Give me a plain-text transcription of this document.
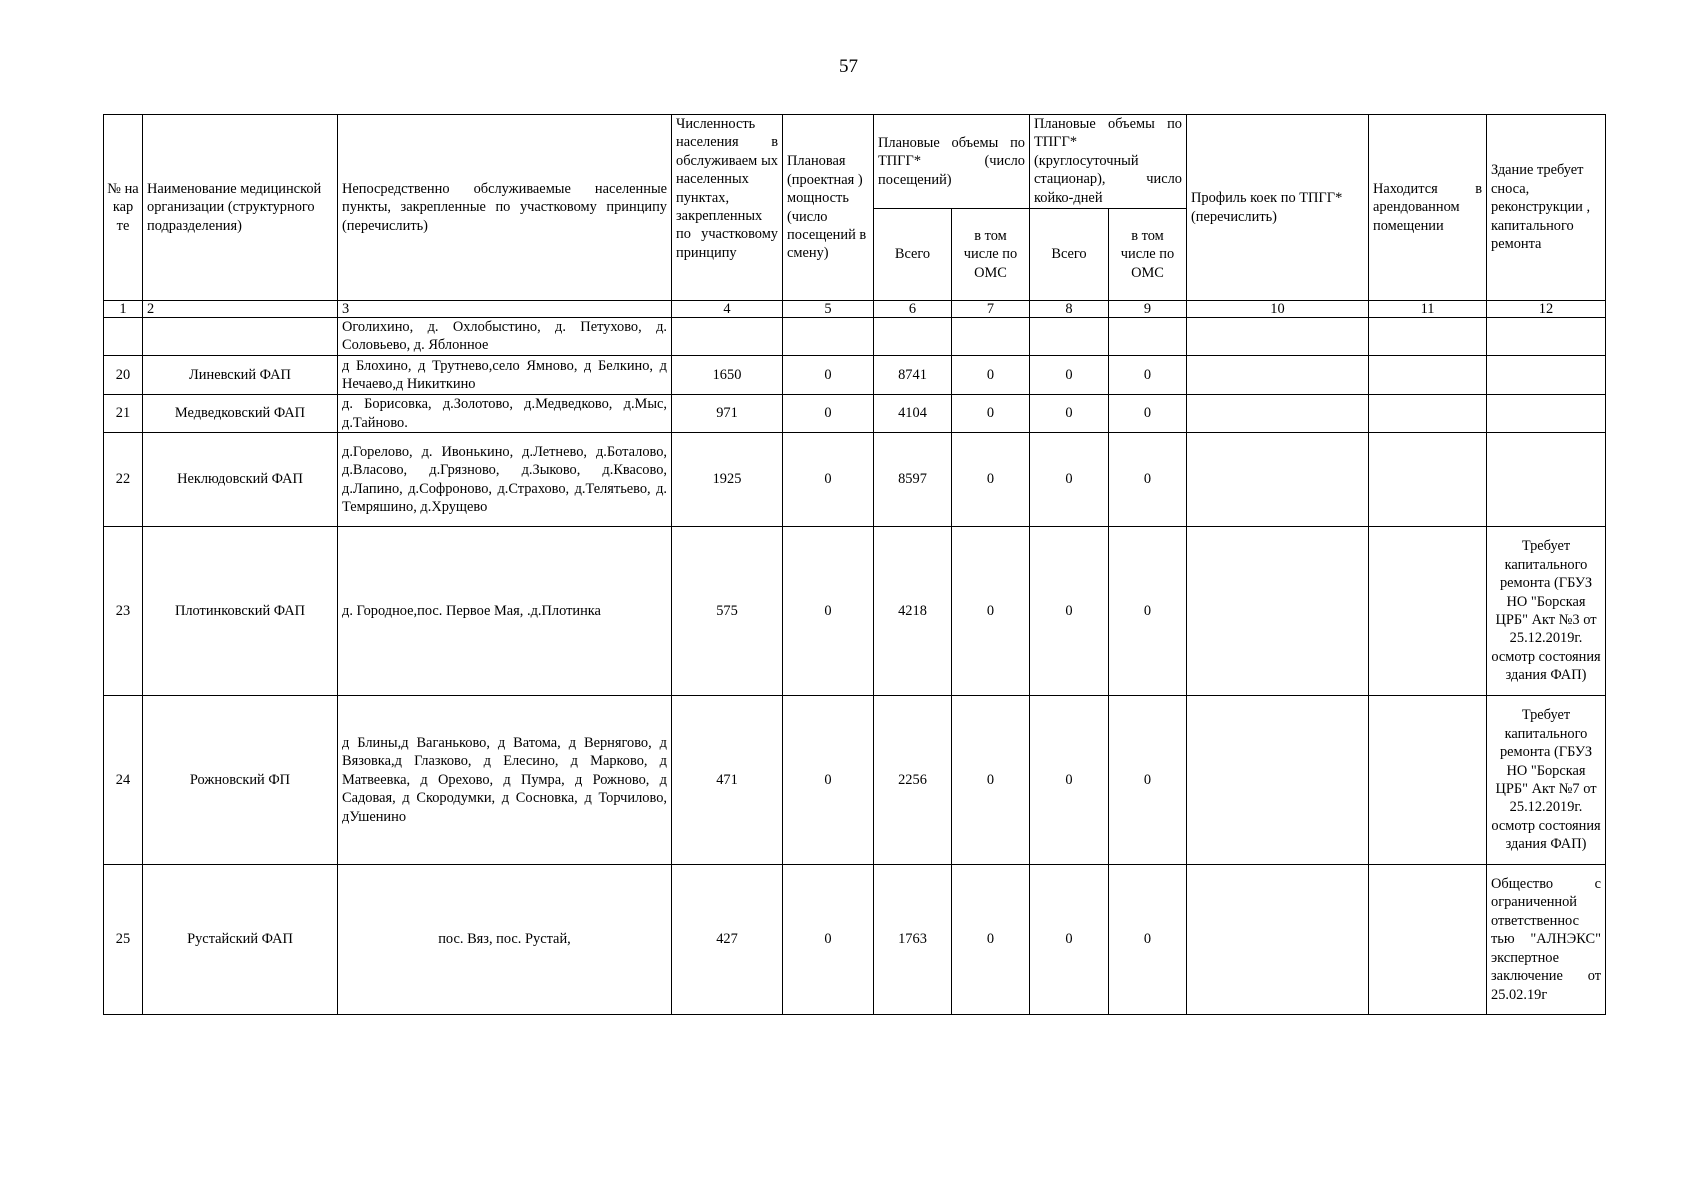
57
№ на кар те	Наименование медицинской организации (структурного подразделения)	Непосредственно обслуживаемые населенные пункты, закрепленные по участковому принципу (перечислить)	Численность населения в обслуживаем ых населенных пунктах, закрепленных по участковому принципу	Плановая (проектная ) мощность (число посещений в смену)	Плановые объемы по ТПГГ* (число посещений)		Плановые объемы по ТПГГ* (круглосуточный стационар), число койко-дней		Профиль коек по ТПГГ* (перечислить)	Находится в арендованном помещении	Здание требует сноса, реконструкции , капитального ремонта
					Всего	в том числе по ОМС	Всего	в том числе по ОМС			
1	2	3	4	5	6	7	8	9	10	11	12
		Оголихино, д. Охлобыстино, д. Петухово, д. Соловьево, д. Яблонное									
20	Линевский ФАП	д Блохино, д Трутнево,село Ямново, д Белкино, д Нечаево,д Никиткино	1650	0	8741	0	0	0			
21	Медведковский ФАП	д. Борисовка, д.Золотово, д.Медведково, д.Мыс, д.Тайново.	971	0	4104	0	0	0			
22	Неклюдовский ФАП	д.Горелово, д. Ивонькино, д.Летнево, д.Боталово, д.Власово, д.Грязново, д.Зыково, д.Квасово, д.Лапино, д.Софроново, д.Страхово, д.Телятьево, д. Темряшино, д.Хрущево	1925	0	8597	0	0	0			
23	Плотинковский ФАП	д. Городное,пос. Первое Мая, .д.Плотинка	575	0	4218	0	0	0			Требует капитального ремонта (ГБУЗ НО "Борская ЦРБ" Акт №3 от 25.12.2019г. осмотр состояния здания ФАП)
24	Рожновский ФП	д Блины,д Ваганьково, д Ватома, д Вернягово, д Вязовка,д Глазково, д Елесино, д Марково, д Матвеевка, д Орехово, д Пумра, д Рожново, д Садовая, д Скородумки, д Сосновка, д Торчилово, дУшенино	471	0	2256	0	0	0			Требует капитального ремонта (ГБУЗ НО "Борская ЦРБ" Акт №7 от 25.12.2019г. осмотр состояния здания ФАП)
25	Рустайский ФАП	пос. Вяз, пос. Рустай,	427	0	1763	0	0	0			Общество с ограниченной ответственнос тью "АЛНЭКС" экспертное заключение от 25.02.19г
